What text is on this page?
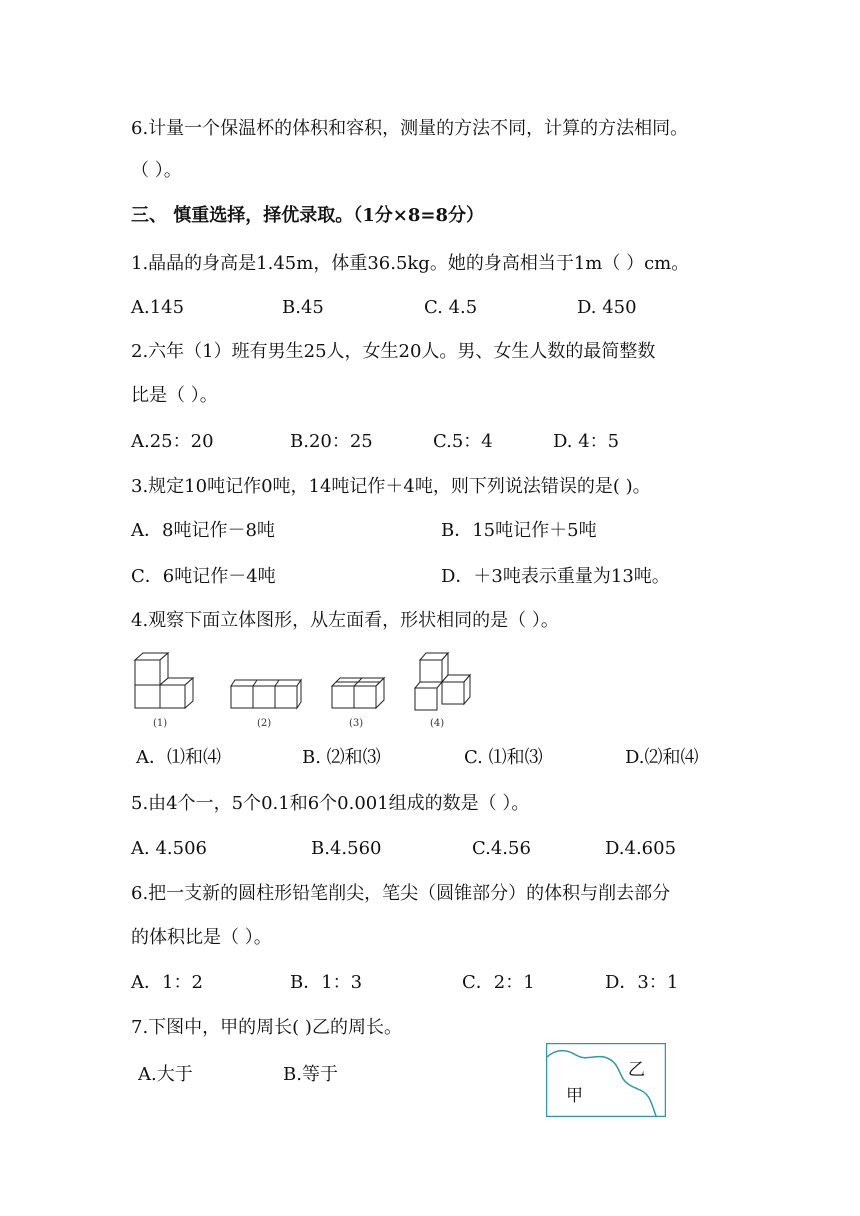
6.计量一个保温杯的体积和容积，测量的方法不同，计算的方法相同。
（ ）。
三、 慎重选择，择优录取。（1分×8=8分）
1.晶晶的身高是1.45m，体重36.5kg。她的身高相当于1m（ ）cm。
A.145	B.45	C. 4.5	D. 450
2.六年（1）班有男生25人，女生20人。男、女生人数的最简整数
比是（ ）。
A.25：20	B.20：25	C.5：4	D. 4：5
3.规定10吨记作0吨，14吨记作＋4吨，则下列说法错误的是( )。
A．8吨记作－8吨	B．15吨记作＋5吨
C．6吨记作－4吨	D．＋3吨表示重量为13吨。
4.观察下面立体图形，从左面看，形状相同的是（ ）。
(1)	(2)	(3)	(4)
A．⑴和⑷	B. ⑵和⑶	C. ⑴和⑶	D.⑵和⑷
5.由4个一，5个0.1和6个0.001组成的数是（ ）。
A. 4.506	B.4.560	C.4.56	D.4.605
6.把一支新的圆柱形铅笔削尖，笔尖（圆锥部分）的体积与削去部分
的体积比是（ ）。
A．1：2	B．1：3	C．2：1	D．3：1
7.下图中，甲的周长( )乙的周长。
A.大于	B.等于
甲
乙
